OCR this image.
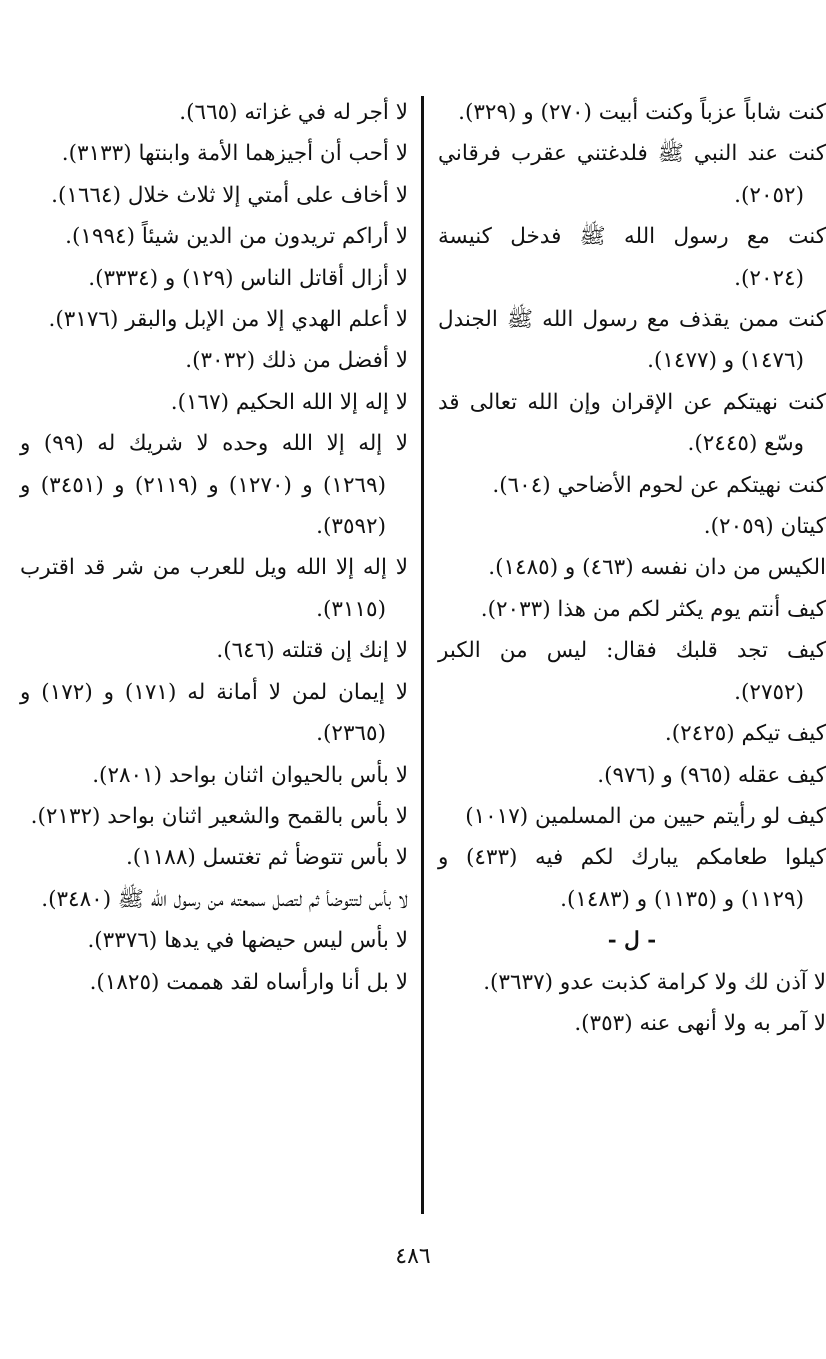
كنت شاباً عزباً وكنت أبيت (٢٧٠) و (٣٢٩).
كنت عند النبي ﷺ فلدغتني عقرب فرقاني (٢٠٥٢).
كنت مع رسول الله ﷺ فدخل كنيسة (٢٠٢٤).
كنت ممن يقذف مع رسول الله ﷺ الجندل (١٤٧٦) و (١٤٧٧).
كنت نهيتكم عن الإقران وإن الله تعالى قد وسّع (٢٤٤٥).
كنت نهيتكم عن لحوم الأضاحي (٦٠٤).
كيتان (٢٠٥٩).
الكيس من دان نفسه (٤٦٣) و (١٤٨٥).
كيف أنتم يوم يكثر لكم من هذا (٢٠٣٣).
كيف تجد قلبك فقال: ليس من الكبر (٢٧٥٢).
كيف تيكم (٢٤٢٥).
كيف عقله (٩٦٥) و (٩٧٦).
كيف لو رأيتم حيين من المسلمين (١٠١٧)
كيلوا طعامكم يبارك لكم فيه (٤٣٣) و (١١٢٩) و (١١٣٥) و (١٤٨٣).
- ل -
لا آذن لك ولا كرامة كذبت عدو (٣٦٣٧).
لا آمر به ولا أنهى عنه (٣٥٣).
لا أجر له في غزاته (٦٦٥).
لا أحب أن أجيزهما الأمة وابنتها (٣١٣٣).
لا أخاف على أمتي إلا ثلاث خلال (١٦٦٤).
لا أراكم تريدون من الدين شيئاً (١٩٩٤).
لا أزال أقاتل الناس (١٢٩) و (٣٣٣٤).
لا أعلم الهدي إلا من الإبل والبقر (٣١٧٦).
لا أفضل من ذلك (٣٠٣٢).
لا إله إلا الله الحكيم (١٦٧).
لا إله إلا الله وحده لا شريك له (٩٩) و (١٢٦٩) و (١٢٧٠) و (٢١١٩) و (٣٤٥١) و (٣٥٩٢).
لا إله إلا الله ويل للعرب من شر قد اقترب (٣١١٥).
لا إنك إن قتلته (٦٤٦).
لا إيمان لمن لا أمانة له (١٧١) و (١٧٢) و (٢٣٦٥).
لا بأس بالحيوان اثنان بواحد (٢٨٠١).
لا بأس بالقمح والشعير اثنان بواحد (٢١٣٢).
لا بأس تتوضأ ثم تغتسل (١١٨٨).
لا بأس لتتوضأ ثم لتصل سمعته من رسول الله ﷺ (٣٤٨٠).
لا بأس ليس حيضها في يدها (٣٣٧٦).
لا بل أنا وارأساه لقد هممت (١٨٢٥).
٤٨٦
